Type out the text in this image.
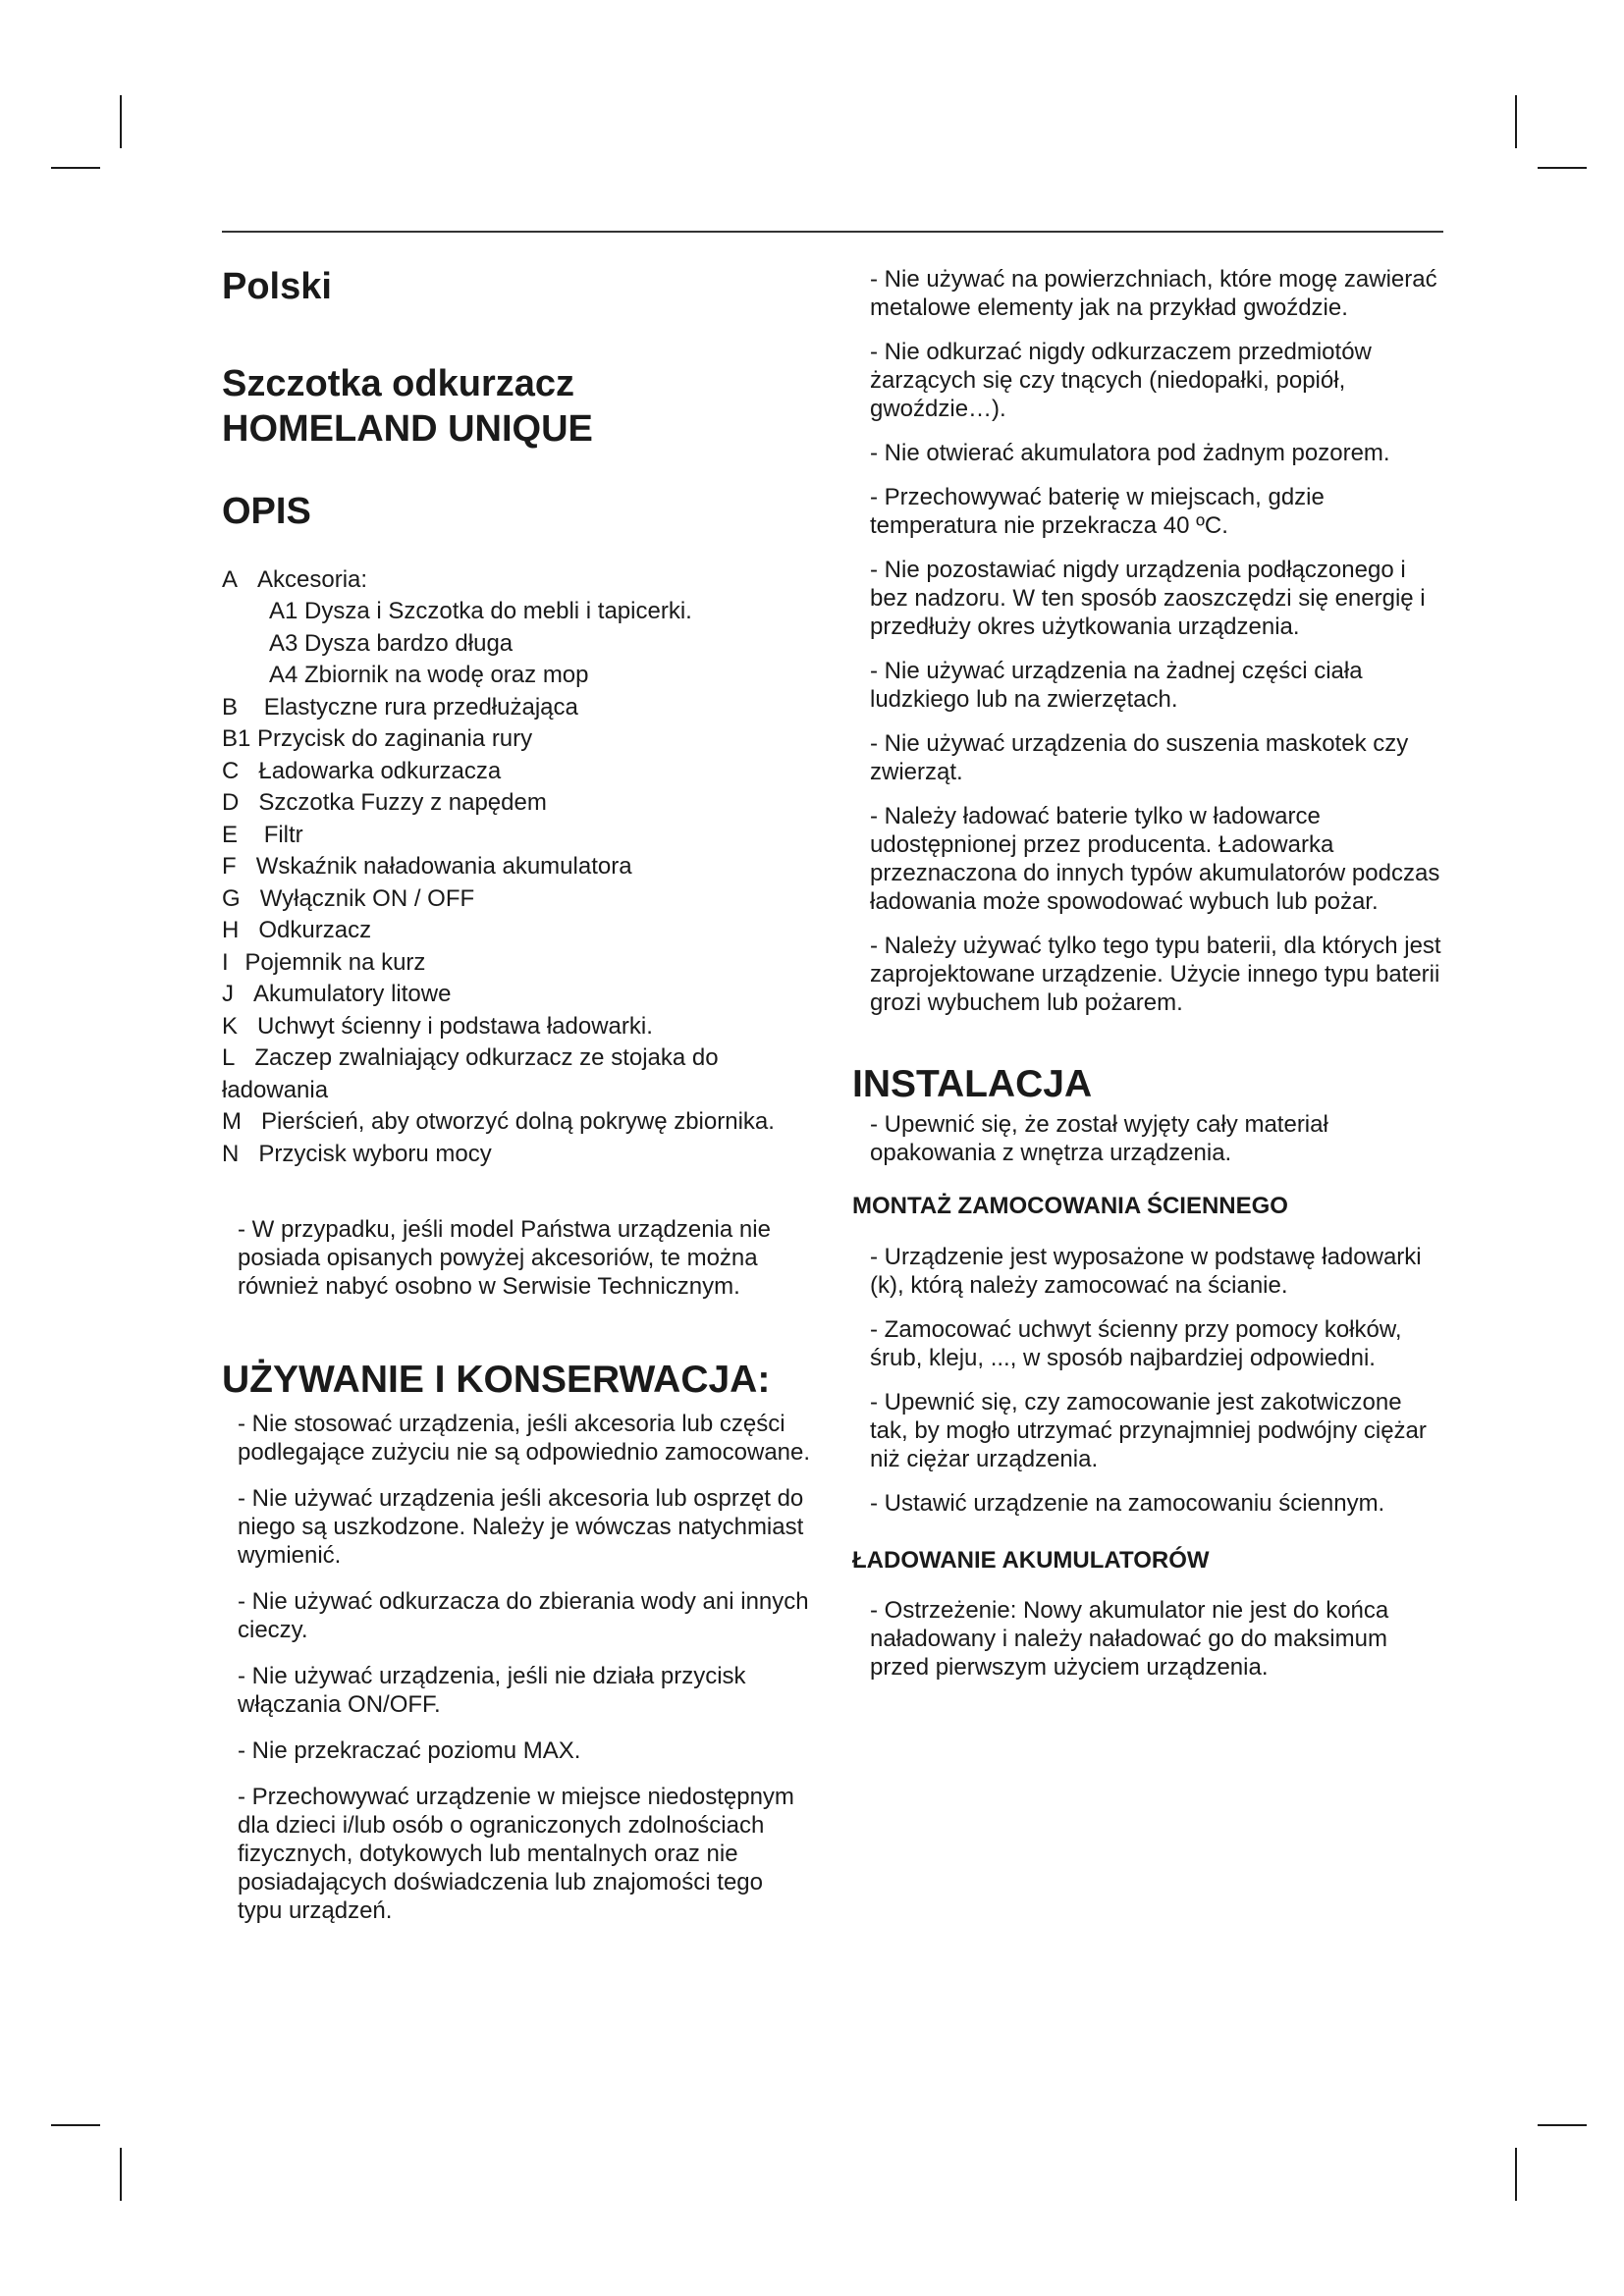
Polski
Szczotka odkurzacz
HOMELAND UNIQUE
OPIS
A Akcesoria:
A1 Dysza i Szczotka do mebli i tapicerki.
A3 Dysza bardzo długa
A4 Zbiornik na wodę oraz mop
B Elastyczne rura przedłużająca
B1 Przycisk do zaginania rury
C Ładowarka odkurzacza
D Szczotka Fuzzy z napędem
E Filtr
F Wskaźnik naładowania akumulatora
G Wyłącznik ON / OFF
H Odkurzacz
I Pojemnik na kurz
J Akumulatory litowe
K Uchwyt ścienny i podstawa ładowarki.
L Zaczep zwalniający odkurzacz ze stojaka do ładowania
M Pierścień, aby otworzyć dolną pokrywę zbiornika.
N Przycisk wyboru mocy

- W przypadku, jeśli model Państwa urządzenia nie posiada opisanych powyżej akcesoriów, te można również nabyć osobno w Serwisie Technicznym.

UŻYWANIE I KONSERWACJA:

- Nie stosować urządzenia, jeśli akcesoria lub części podlegające zużyciu nie są odpowiednio zamocowane.

- Nie używać urządzenia jeśli akcesoria lub osprzęt do niego są uszkodzone. Należy je wówczas natychmiast wymienić.

- Nie używać odkurzacza do zbierania wody ani innych cieczy.

- Nie używać urządzenia, jeśli nie działa przycisk włączania ON/OFF.

- Nie przekraczać poziomu MAX.

- Przechowywać urządzenie w miejsce niedostępnym dla dzieci i/lub osób o ograniczonych zdolnościach fizycznych, dotykowych lub mentalnych oraz nie posiadających doświadczenia lub znajomości tego typu urządzeń.

- Nie używać na powierzchniach, które mogę zawierać metalowe elementy jak na przykład gwoździe.

- Nie odkurzać nigdy odkurzaczem przedmiotów żarzących się czy tnących (niedopałki, popiół, gwoździe…).

- Nie otwierać akumulatora pod żadnym pozorem.

- Przechowywać baterię w miejscach, gdzie temperatura nie przekracza 40 ºC.

- Nie pozostawiać nigdy urządzenia podłączonego i bez nadzoru. W ten sposób zaoszczędzi się energię i przedłuży okres użytkowania urządzenia.

- Nie używać urządzenia na żadnej części ciała ludzkiego lub na zwierzętach.

- Nie używać urządzenia do suszenia maskotek czy zwierząt.

- Należy ładować baterie tylko w ładowarce udostępnionej przez producenta. Ładowarka przeznaczona do innych typów akumulatorów podczas ładowania może spowodować wybuch lub pożar.

- Należy używać tylko tego typu baterii, dla których jest zaprojektowane urządzenie. Użycie innego typu baterii grozi wybuchem lub pożarem.

INSTALACJA

- Upewnić się, że został wyjęty cały materiał opakowania z wnętrza urządzenia.

MONTAŻ ZAMOCOWANIA ŚCIENNEGO

- Urządzenie jest wyposażone w podstawę ładowarki (k), którą należy zamocować na ścianie.

- Zamocować uchwyt ścienny przy pomocy kołków, śrub, kleju, ..., w sposób najbardziej odpowiedni.

- Upewnić się, czy zamocowanie jest zakotwiczone tak, by mogło utrzymać przynajmniej podwójny ciężar niż ciężar urządzenia.

- Ustawić urządzenie na zamocowaniu ściennym.

ŁADOWANIE AKUMULATORÓW

- Ostrzeżenie: Nowy akumulator nie jest do końca naładowany i należy naładować go do maksimum przed pierwszym użyciem urządzenia.
